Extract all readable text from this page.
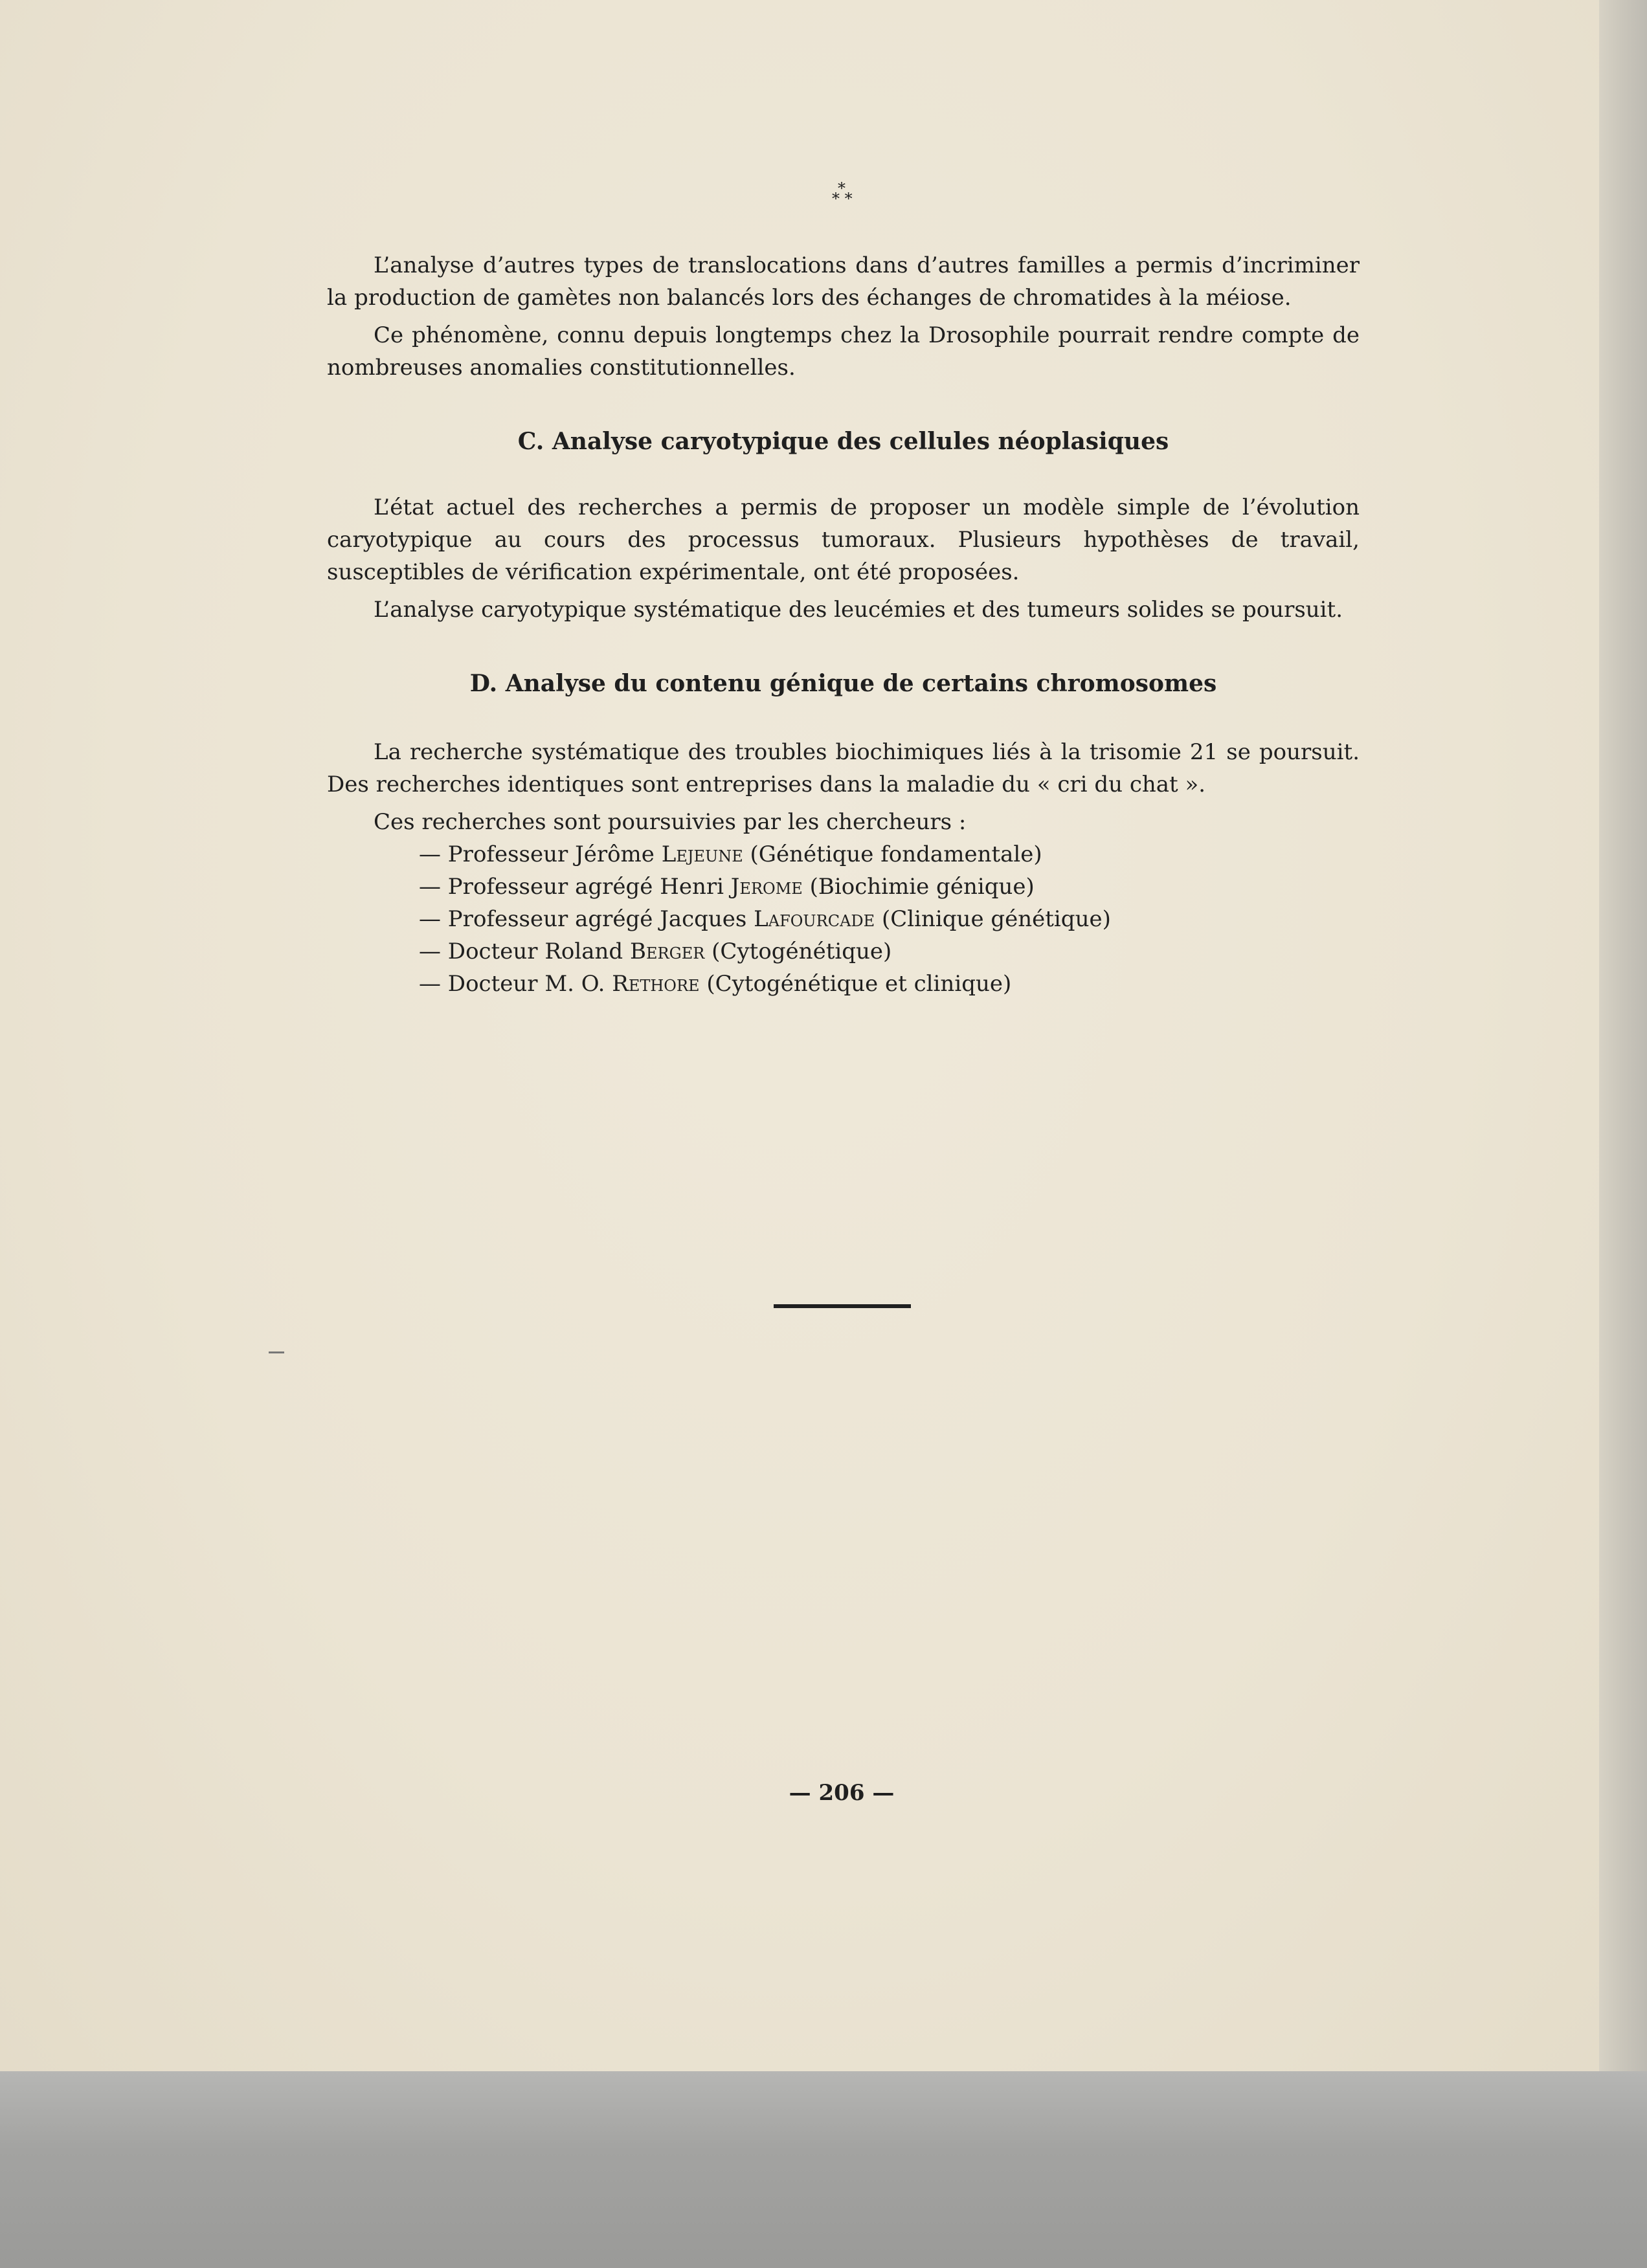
*
* *

L’analyse d’autres types de translocations dans d’autres familles a permis d’incriminer la production de gamètes non balancés lors des échanges de chromatides à la méiose.

Ce phénomène, connu depuis longtemps chez la Drosophile pourrait rendre compte de nombreuses anomalies constitutionnelles.

C. Analyse caryotypique des cellules néoplasiques

L’état actuel des recherches a permis de proposer un modèle simple de l’évolution caryotypique au cours des processus tumoraux. Plusieurs hypothèses de travail, susceptibles de vérification expérimentale, ont été proposées.

L’analyse caryotypique systématique des leucémies et des tumeurs solides se poursuit.

D. Analyse du contenu génique de certains chromosomes

La recherche systématique des troubles biochimiques liés à la trisomie 21 se poursuit. Des recherches identiques sont entreprises dans la maladie du « cri du chat ».

Ces recherches sont poursuivies par les chercheurs :

— Professeur Jérôme Lejeune (Génétique fondamentale)
— Professeur agrégé Henri Jerome (Biochimie génique)
— Professeur agrégé Jacques Lafourcade (Clinique génétique)
— Docteur Roland Berger (Cytogénétique)
— Docteur M. O. Rethore (Cytogénétique et clinique)
— 206 —
